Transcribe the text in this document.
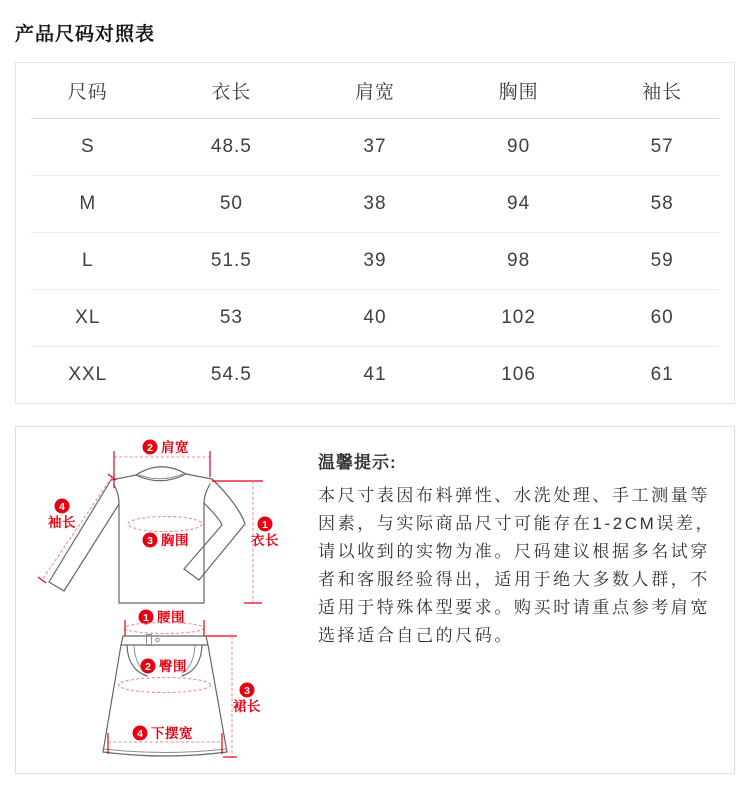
产品尺码对照表
尺码	衣长	肩宽	胸围	袖长
S	48.5	37	90	57
M	50	38	94	58
L	51.5	39	98	59
XL	53	40	102	60
XXL	54.5	41	106	61
2 肩宽
4
袖长
3 胸围
1
衣长
1 腰围
2 臀围
3
裙长
4 下摆宽
温馨提示:

本尺寸表因布料弹性、水洗处理、手工测量等因素，与实际商品尺寸可能存在1-2CM误差，请以收到的实物为准。尺码建议根据多名试穿者和客服经验得出，适用于绝大多数人群，不适用于特殊体型要求。购买时请重点参考肩宽选择适合自己的尺码。
